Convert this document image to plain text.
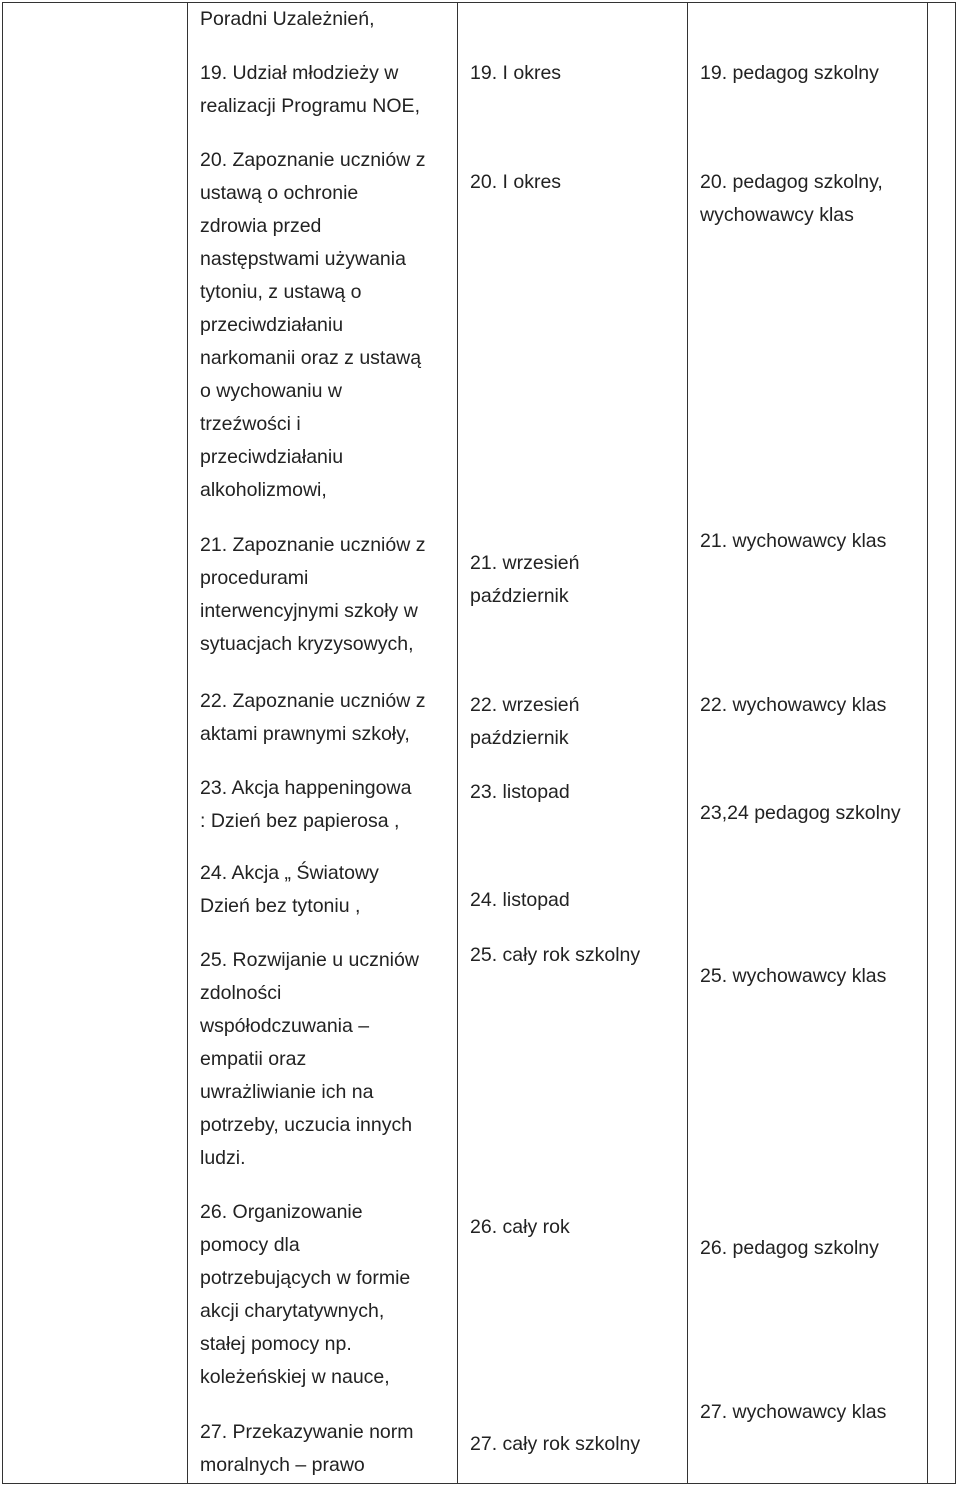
Poradni Uzależnień,
19. Udział młodzieży w
realizacji Programu NOE,
20. Zapoznanie uczniów z
ustawą o ochronie
zdrowia przed
następstwami używania
tytoniu, z ustawą o
przeciwdziałaniu
narkomanii oraz z ustawą
o wychowaniu w
trzeźwości i
przeciwdziałaniu
alkoholizmowi,
21. Zapoznanie uczniów z
procedurami
interwencyjnymi szkoły w
sytuacjach kryzysowych,
22. Zapoznanie uczniów z
aktami prawnymi szkoły,
23. Akcja happeningowa
: Dzień bez papierosa ,
24. Akcja „ Światowy
Dzień bez tytoniu ,
25. Rozwijanie u uczniów
zdolności
współodczuwania –
empatii oraz
uwrażliwianie ich na
potrzeby, uczucia innych
ludzi.
26. Organizowanie
pomocy dla
potrzebujących w formie
akcji charytatywnych,
stałej pomocy np.
koleżeńskiej w nauce,
27. Przekazywanie norm
moralnych – prawo
19. I okres
20. I okres
21. wrzesień
październik
22. wrzesień
październik
23. listopad
24. listopad
25. cały rok szkolny
26. cały rok
27. cały rok szkolny
19. pedagog szkolny
20. pedagog szkolny,
wychowawcy klas
21. wychowawcy klas
22. wychowawcy klas
23,24 pedagog szkolny
25. wychowawcy klas
26. pedagog szkolny
27. wychowawcy klas
